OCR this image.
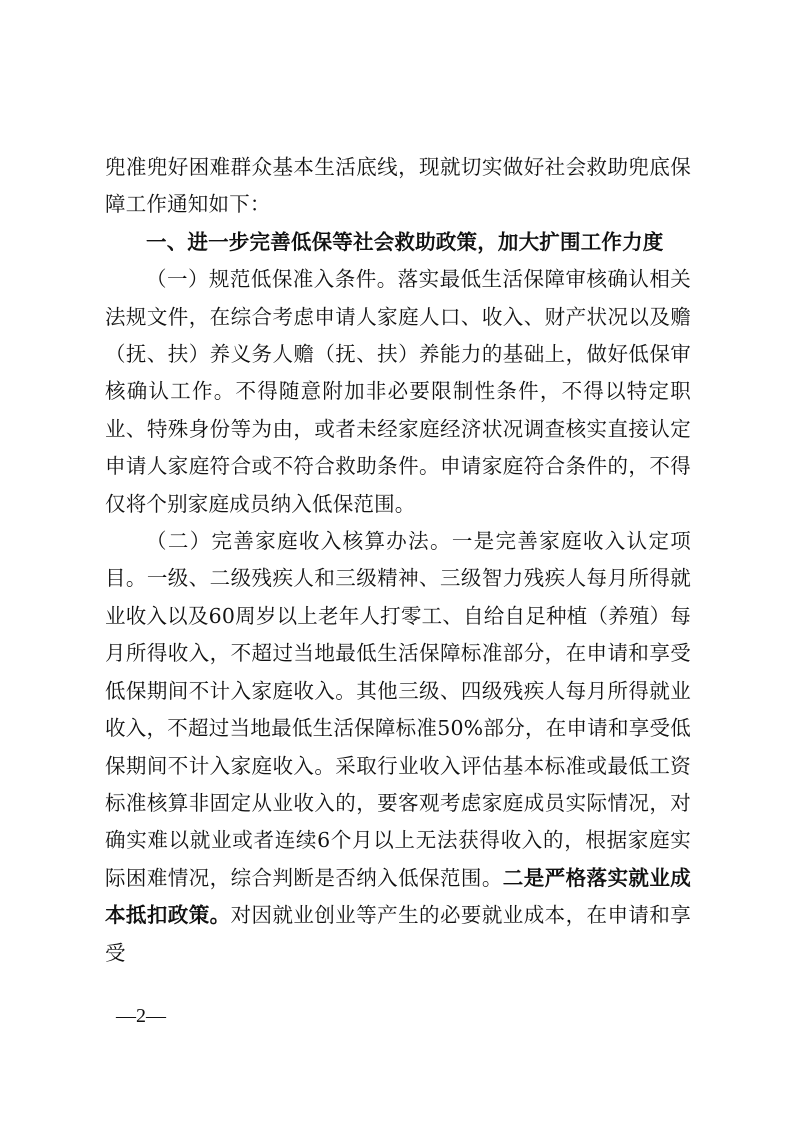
兜准兜好困难群众基本生活底线，现就切实做好社会救助兜底保障工作通知如下：

一、进一步完善低保等社会救助政策，加大扩围工作力度

（一）规范低保准入条件。落实最低生活保障审核确认相关法规文件，在综合考虑申请人家庭人口、收入、财产状况以及赡（抚、扶）养义务人赡（抚、扶）养能力的基础上，做好低保审核确认工作。不得随意附加非必要限制性条件，不得以特定职业、特殊身份等为由，或者未经家庭经济状况调查核实直接认定申请人家庭符合或不符合救助条件。申请家庭符合条件的，不得仅将个别家庭成员纳入低保范围。

（二）完善家庭收入核算办法。一是完善家庭收入认定项目。一级、二级残疾人和三级精神、三级智力残疾人每月所得就业收入以及60周岁以上老年人打零工、自给自足种植（养殖）每月所得收入，不超过当地最低生活保障标准部分，在申请和享受低保期间不计入家庭收入。其他三级、四级残疾人每月所得就业收入，不超过当地最低生活保障标准50%部分，在申请和享受低保期间不计入家庭收入。采取行业收入评估基本标准或最低工资标准核算非固定从业收入的，要客观考虑家庭成员实际情况，对确实难以就业或者连续6个月以上无法获得收入的，根据家庭实际困难情况，综合判断是否纳入低保范围。二是严格落实就业成本抵扣政策。对因就业创业等产生的必要就业成本，在申请和享受

—2—
